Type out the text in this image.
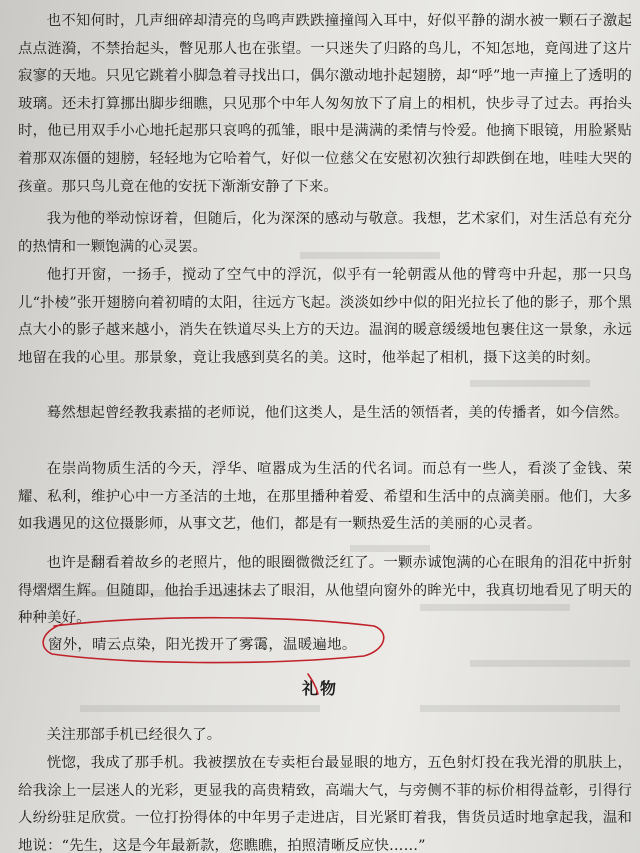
也不知何时，几声细碎却清亮的鸟鸣声跌跌撞撞闯入耳中，好似平静的湖水被一颗石子激起点点涟漪，不禁抬起头，瞥见那人也在张望。一只迷失了归路的鸟儿，不知怎地，竟闯进了这片寂寥的天地。只见它跳着小脚急着寻找出口，偶尔激动地扑起翅膀，却“呼”地一声撞上了透明的玻璃。还未打算挪出脚步细瞧，只见那个中年人匆匆放下了肩上的相机，快步寻了过去。再抬头时，他已用双手小心地托起那只哀鸣的孤雏，眼中是满满的柔情与怜爱。他摘下眼镜，用脸紧贴着那双冻僵的翅膀，轻轻地为它哈着气，好似一位慈父在安慰初次独行却跌倒在地，哇哇大哭的孩童。那只鸟儿竟在他的安抚下渐渐安静了下来。

我为他的举动惊讶着，但随后，化为深深的感动与敬意。我想，艺术家们，对生活总有充分的热情和一颗饱满的心灵罢。

他打开窗，一扬手，搅动了空气中的浮沉，似乎有一轮朝霞从他的臂弯中升起，那一只鸟儿“扑棱”张开翅膀向着初晴的太阳，往远方飞起。淡淡如纱中似的阳光拉长了他的影子，那个黑点大小的影子越来越小，消失在铁道尽头上方的天边。温润的暖意缓缓地包裹住这一景象，永远地留在我的心里。那景象，竟让我感到莫名的美。这时，他举起了相机，摄下这美的时刻。

蓦然想起曾经教我素描的老师说，他们这类人，是生活的领悟者，美的传播者，如今信然。

在崇尚物质生活的今天，浮华、喧嚣成为生活的代名词。而总有一些人，看淡了金钱、荣耀、私利，维护心中一方圣洁的土地，在那里播种着爱、希望和生活中的点滴美丽。他们，大多如我遇见的这位摄影师，从事文艺，他们，都是有一颗热爱生活的美丽的心灵者。

也许是翻看着故乡的老照片，他的眼圈微微泛红了。一颗赤诚饱满的心在眼角的泪花中折射得熠熠生辉。但随即，他抬手迅速抹去了眼泪，从他望向窗外的眸光中，我真切地看见了明天的种种美好。

窗外，晴云点染，阳光拨开了雾霭，温暖遍地。
礼物

关注那部手机已经很久了。

恍惚，我成了那手机。我被摆放在专卖柜台最显眼的地方，五色射灯投在我光滑的肌肤上，给我涂上一层迷人的光彩，更显我的高贵精致，高端大气，与旁侧不菲的标价相得益彰，引得行人纷纷驻足欣赏。一位打扮得体的中年男子走进店，目光紧盯着我，售货员适时地拿起我，温和地说：“先生，这是今年最新款，您瞧瞧，拍照清晰反应快……”
